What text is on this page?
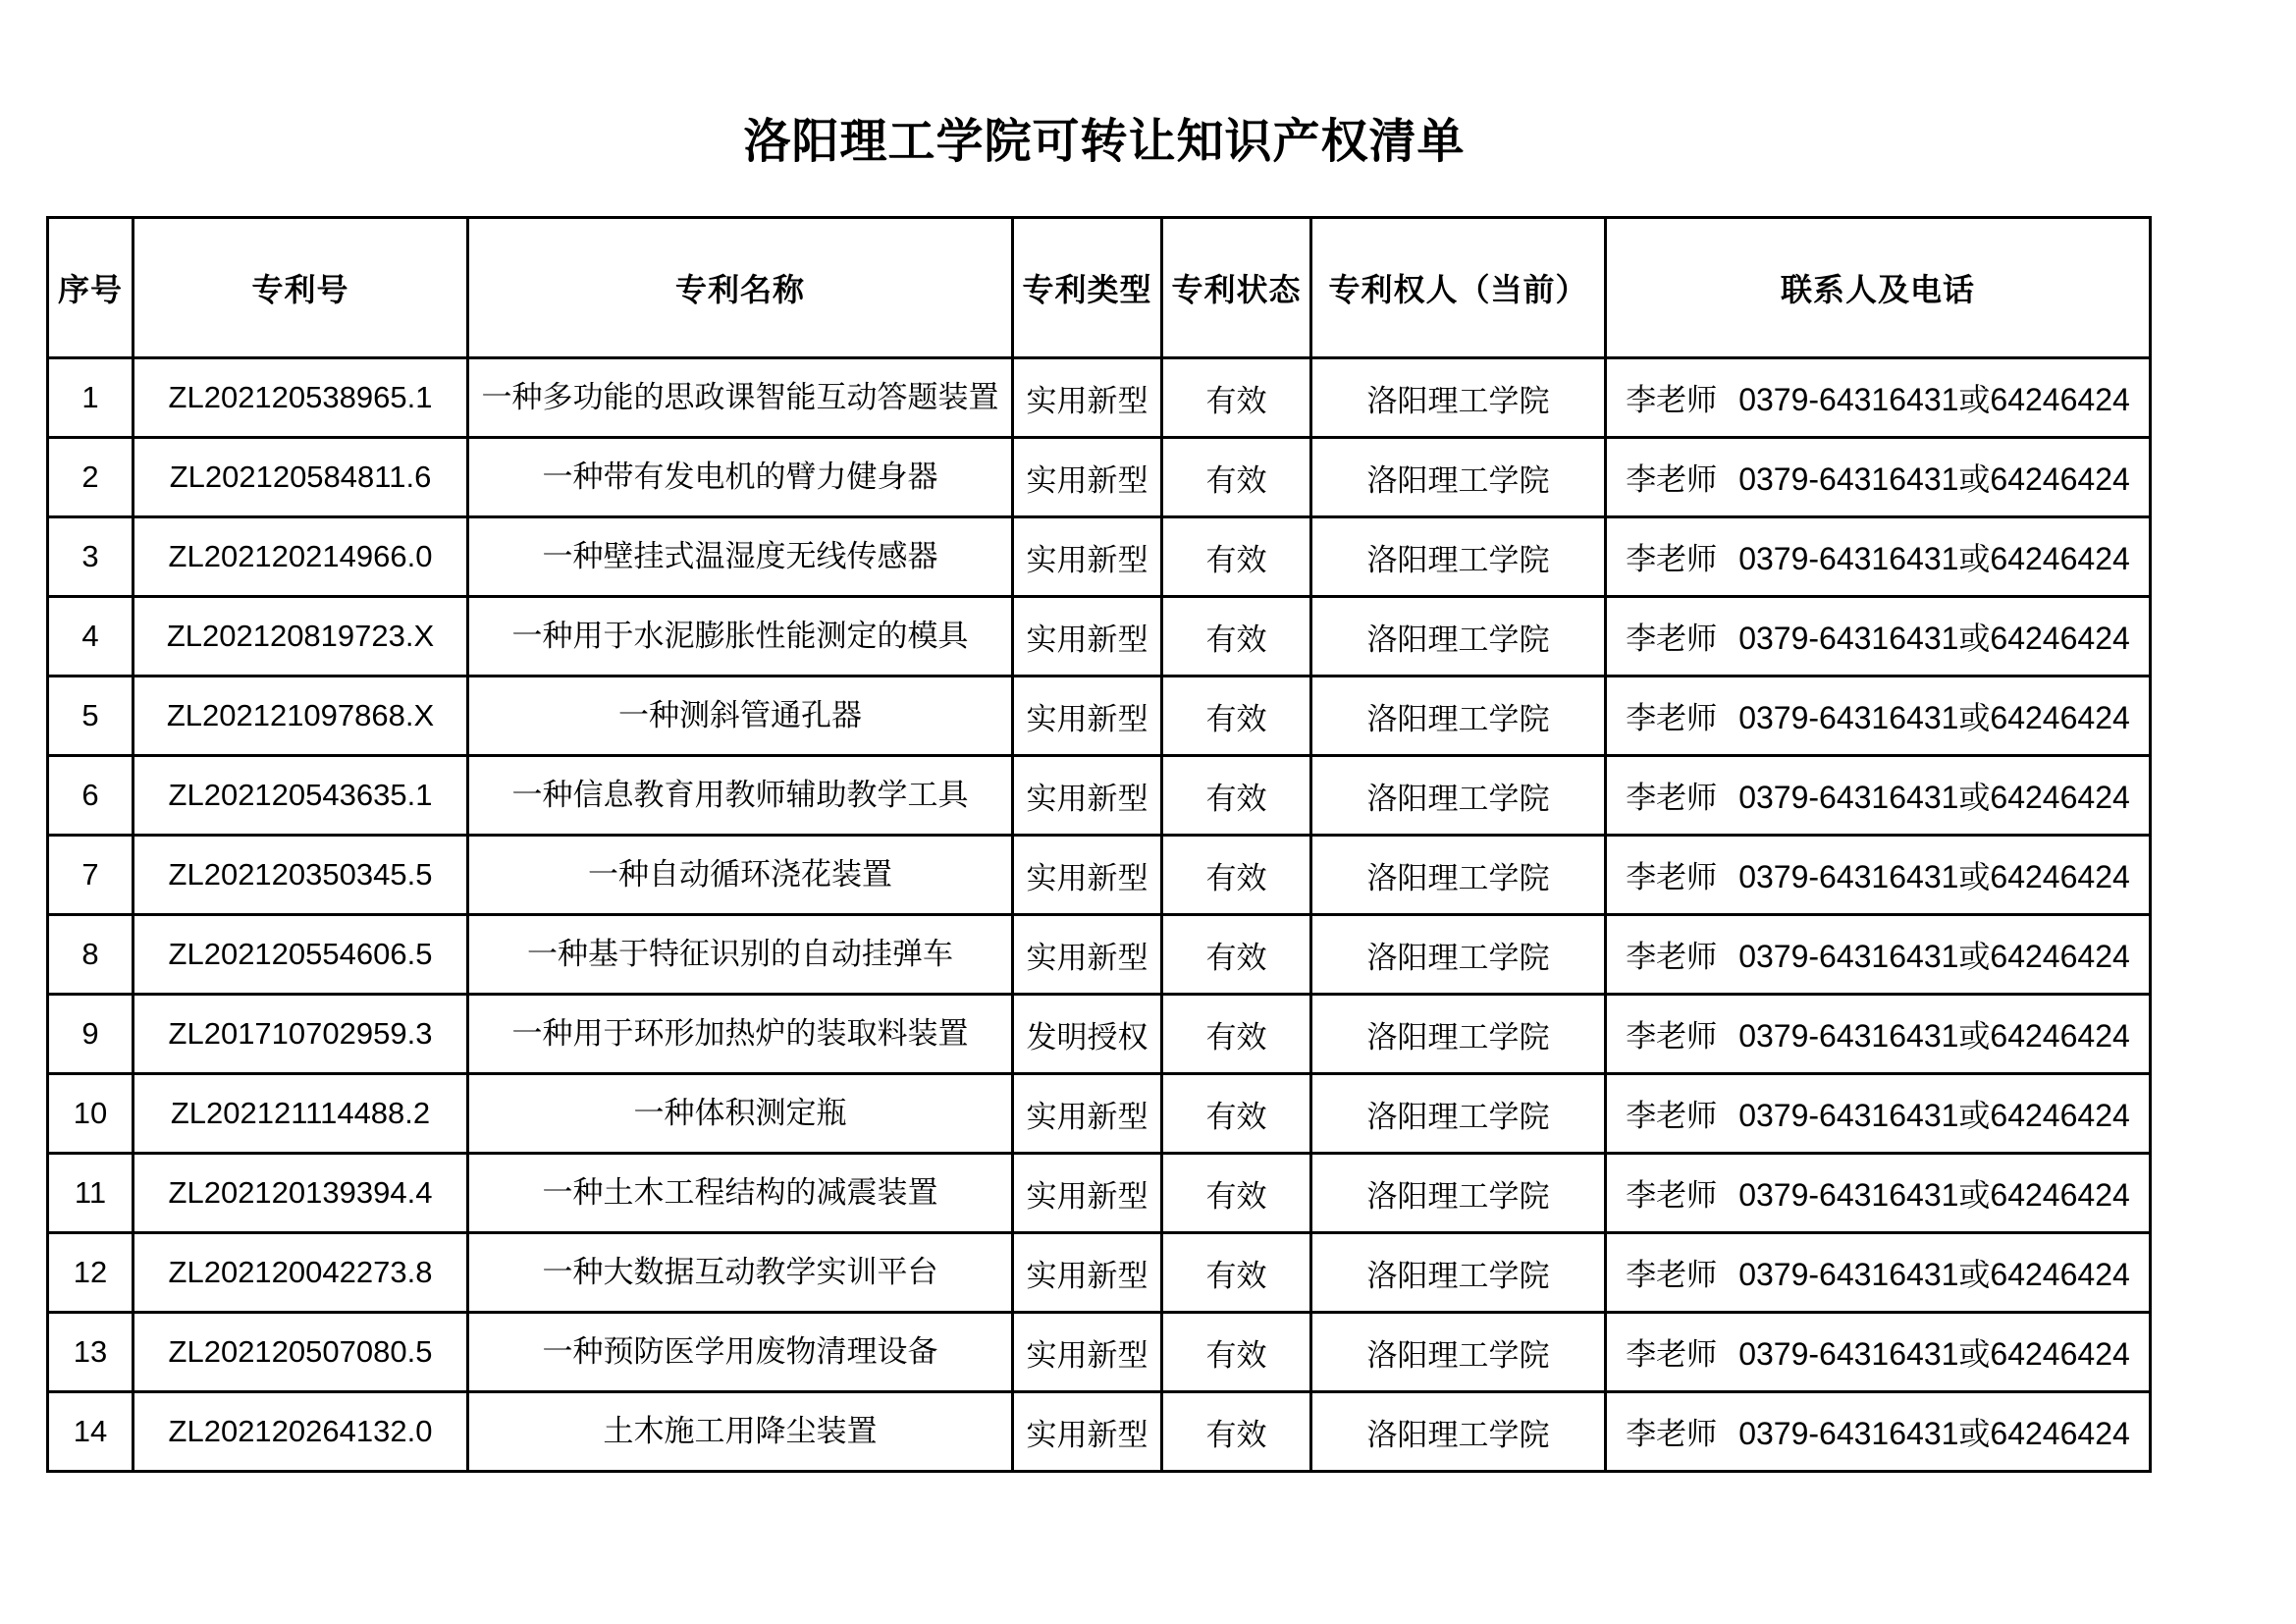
洛阳理工学院可转让知识产权清单
序号	专利号	专利名称	专利类型	专利状态	专利权人（当前）	联系人及电话
1	ZL202120538965.1	一种多功能的思政课智能互动答题装置	实用新型	有效	洛阳理工学院	李老师 0379-64316431或64246424
2	ZL202120584811.6	一种带有发电机的臂力健身器	实用新型	有效	洛阳理工学院	李老师 0379-64316431或64246424
3	ZL202120214966.0	一种壁挂式温湿度无线传感器	实用新型	有效	洛阳理工学院	李老师 0379-64316431或64246424
4	ZL202120819723.X	一种用于水泥膨胀性能测定的模具	实用新型	有效	洛阳理工学院	李老师 0379-64316431或64246424
5	ZL202121097868.X	一种测斜管通孔器	实用新型	有效	洛阳理工学院	李老师 0379-64316431或64246424
6	ZL202120543635.1	一种信息教育用教师辅助教学工具	实用新型	有效	洛阳理工学院	李老师 0379-64316431或64246424
7	ZL202120350345.5	一种自动循环浇花装置	实用新型	有效	洛阳理工学院	李老师 0379-64316431或64246424
8	ZL202120554606.5	一种基于特征识别的自动挂弹车	实用新型	有效	洛阳理工学院	李老师 0379-64316431或64246424
9	ZL201710702959.3	一种用于环形加热炉的装取料装置	发明授权	有效	洛阳理工学院	李老师 0379-64316431或64246424
10	ZL202121114488.2	一种体积测定瓶	实用新型	有效	洛阳理工学院	李老师 0379-64316431或64246424
11	ZL202120139394.4	一种土木工程结构的减震装置	实用新型	有效	洛阳理工学院	李老师 0379-64316431或64246424
12	ZL202120042273.8	一种大数据互动教学实训平台	实用新型	有效	洛阳理工学院	李老师 0379-64316431或64246424
13	ZL202120507080.5	一种预防医学用废物清理设备	实用新型	有效	洛阳理工学院	李老师 0379-64316431或64246424
14	ZL202120264132.0	土木施工用降尘装置	实用新型	有效	洛阳理工学院	李老师 0379-64316431或64246424
